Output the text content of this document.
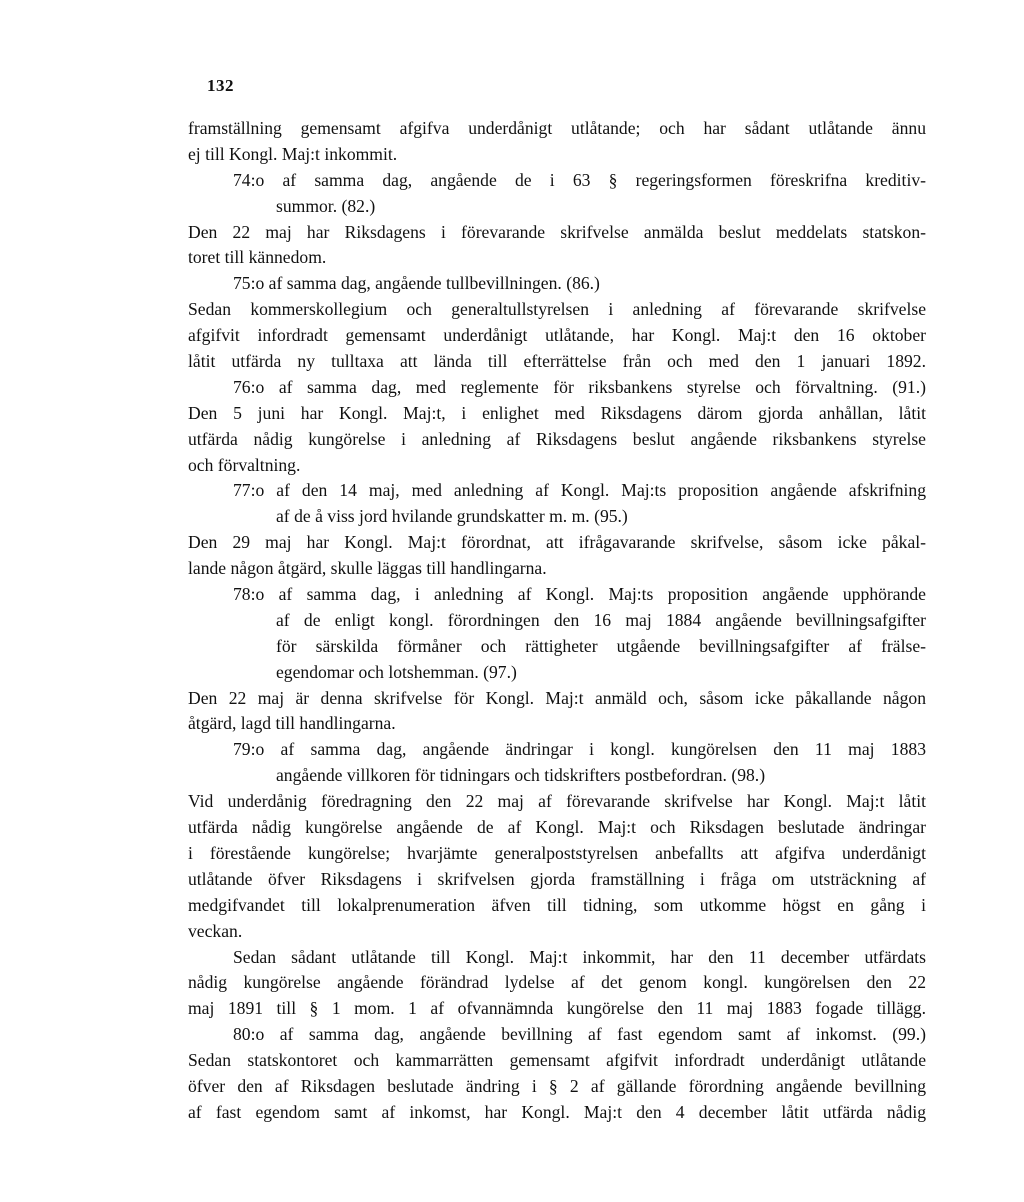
132
framställning gemensamt afgifva underdånigt utlåtande; och har sådant utlåtande ännu
ej till Kongl. Maj:t inkommit.
74:o af samma dag, angående de i 63 § regeringsformen föreskrifna kreditiv-
summor. (82.)
Den 22 maj har Riksdagens i förevarande skrifvelse anmälda beslut meddelats statskon-
toret till kännedom.
75:o af samma dag, angående tullbevillningen. (86.)
Sedan kommerskollegium och generaltullstyrelsen i anledning af förevarande skrifvelse
afgifvit infordradt gemensamt underdånigt utlåtande, har Kongl. Maj:t den 16 oktober
låtit utfärda ny tulltaxa att lända till efterrättelse från och med den 1 januari 1892.
76:o af samma dag, med reglemente för riksbankens styrelse och förvaltning. (91.)
Den 5 juni har Kongl. Maj:t, i enlighet med Riksdagens därom gjorda anhållan, låtit
utfärda nådig kungörelse i anledning af Riksdagens beslut angående riksbankens styrelse
och förvaltning.
77:o af den 14 maj, med anledning af Kongl. Maj:ts proposition angående afskrifning
af de å viss jord hvilande grundskatter m. m. (95.)
Den 29 maj har Kongl. Maj:t förordnat, att ifrågavarande skrifvelse, såsom icke påkal-
lande någon åtgärd, skulle läggas till handlingarna.
78:o af samma dag, i anledning af Kongl. Maj:ts proposition angående upphörande
af de enligt kongl. förordningen den 16 maj 1884 angående bevillningsafgifter
för särskilda förmåner och rättigheter utgående bevillningsafgifter af frälse-
egendomar och lotshemman. (97.)
Den 22 maj är denna skrifvelse för Kongl. Maj:t anmäld och, såsom icke påkallande någon
åtgärd, lagd till handlingarna.
79:o af samma dag, angående ändringar i kongl. kungörelsen den 11 maj 1883
angående villkoren för tidningars och tidskrifters postbefordran. (98.)
Vid underdånig föredragning den 22 maj af förevarande skrifvelse har Kongl. Maj:t låtit
utfärda nådig kungörelse angående de af Kongl. Maj:t och Riksdagen beslutade ändringar
i förestående kungörelse; hvarjämte generalpoststyrelsen anbefallts att afgifva underdånigt
utlåtande öfver Riksdagens i skrifvelsen gjorda framställning i fråga om utsträckning af
medgifvandet till lokalprenumeration äfven till tidning, som utkomme högst en gång i
veckan.
Sedan sådant utlåtande till Kongl. Maj:t inkommit, har den 11 december utfärdats
nådig kungörelse angående förändrad lydelse af det genom kongl. kungörelsen den 22
maj 1891 till § 1 mom. 1 af ofvannämnda kungörelse den 11 maj 1883 fogade tillägg.
80:o af samma dag, angående bevillning af fast egendom samt af inkomst. (99.)
Sedan statskontoret och kammarrätten gemensamt afgifvit infordradt underdånigt utlåtande
öfver den af Riksdagen beslutade ändring i § 2 af gällande förordning angående bevillning
af fast egendom samt af inkomst, har Kongl. Maj:t den 4 december låtit utfärda nådig
